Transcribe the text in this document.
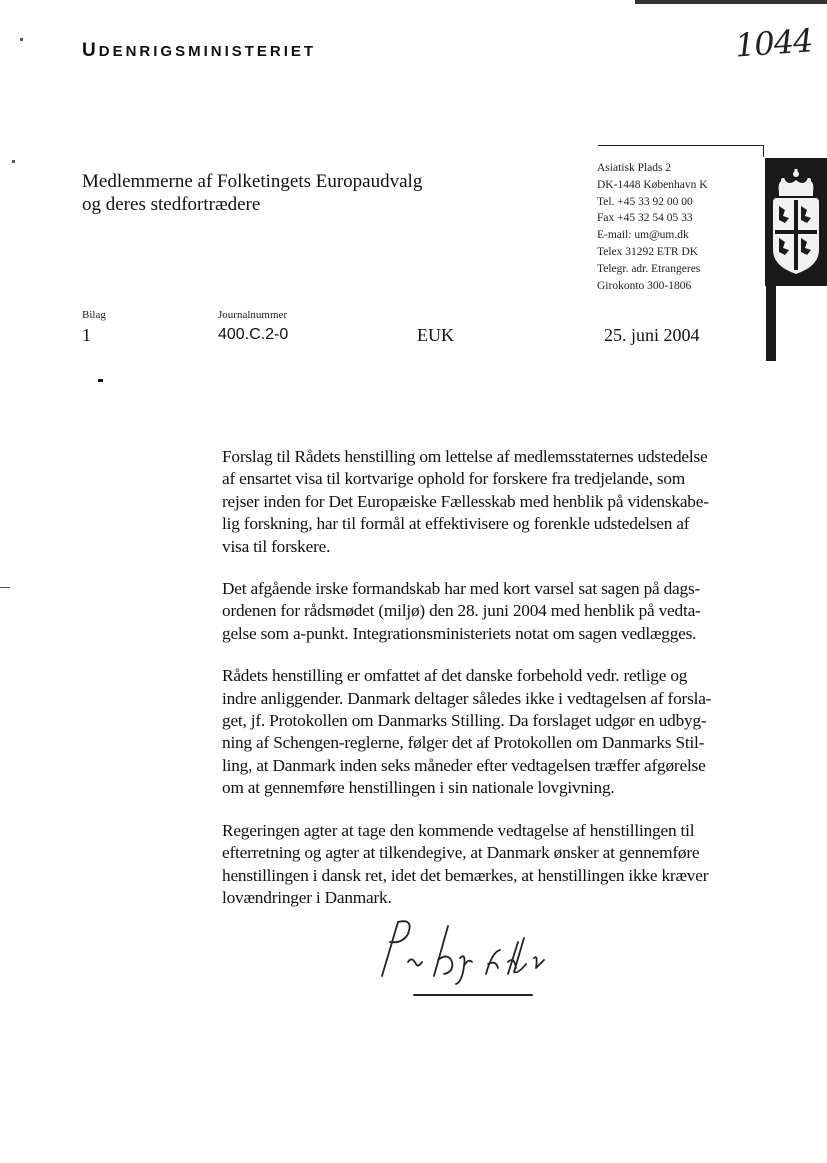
UDENRIGSMINISTERIET	1044
Medlemmerne af Folketingets Europaudvalg
og deres stedfortrædere
Asiatisk Plads 2
DK-1448 København K
Tel. +45 33 92 00 00
Fax +45 32 54 05 33
E-mail: um@um.dk
Telex 31292 ETR DK
Telegr. adr. Etrangeres
Girokonto 300-1806
Bilag
1
Journalnummer
400.C.2-0	EUK	25. juni 2004

Forslag til Rådets henstilling om lettelse af medlemsstaternes udstedelse
af ensartet visa til kortvarige ophold for forskere fra tredjelande, som
rejser inden for Det Europæiske Fællesskab med henblik på videnskabe-
lig forskning, har til formål at effektivisere og forenkle udstedelsen af
visa til forskere.

Det afgående irske formandskab har med kort varsel sat sagen på dags-
ordenen for rådsmødet (miljø) den 28. juni 2004 med henblik på vedta-
gelse som a-punkt. Integrationsministeriets notat om sagen vedlægges.

Rådets henstilling er omfattet af det danske forbehold vedr. retlige og
indre anliggender. Danmark deltager således ikke i vedtagelsen af forsla-
get, jf. Protokollen om Danmarks Stilling. Da forslaget udgør en udbyg-
ning af Schengen-reglerne, følger det af Protokollen om Danmarks Stil-
ling, at Danmark inden seks måneder efter vedtagelsen træffer afgørelse
om at gennemføre henstillingen i sin nationale lovgivning.

Regeringen agter at tage den kommende vedtagelse af henstillingen til
efterretning og agter at tilkendegive, at Danmark ønsker at gennemføre
henstillingen i dansk ret, idet det bemærkes, at henstillingen ikke kræver
lovændringer i Danmark.
